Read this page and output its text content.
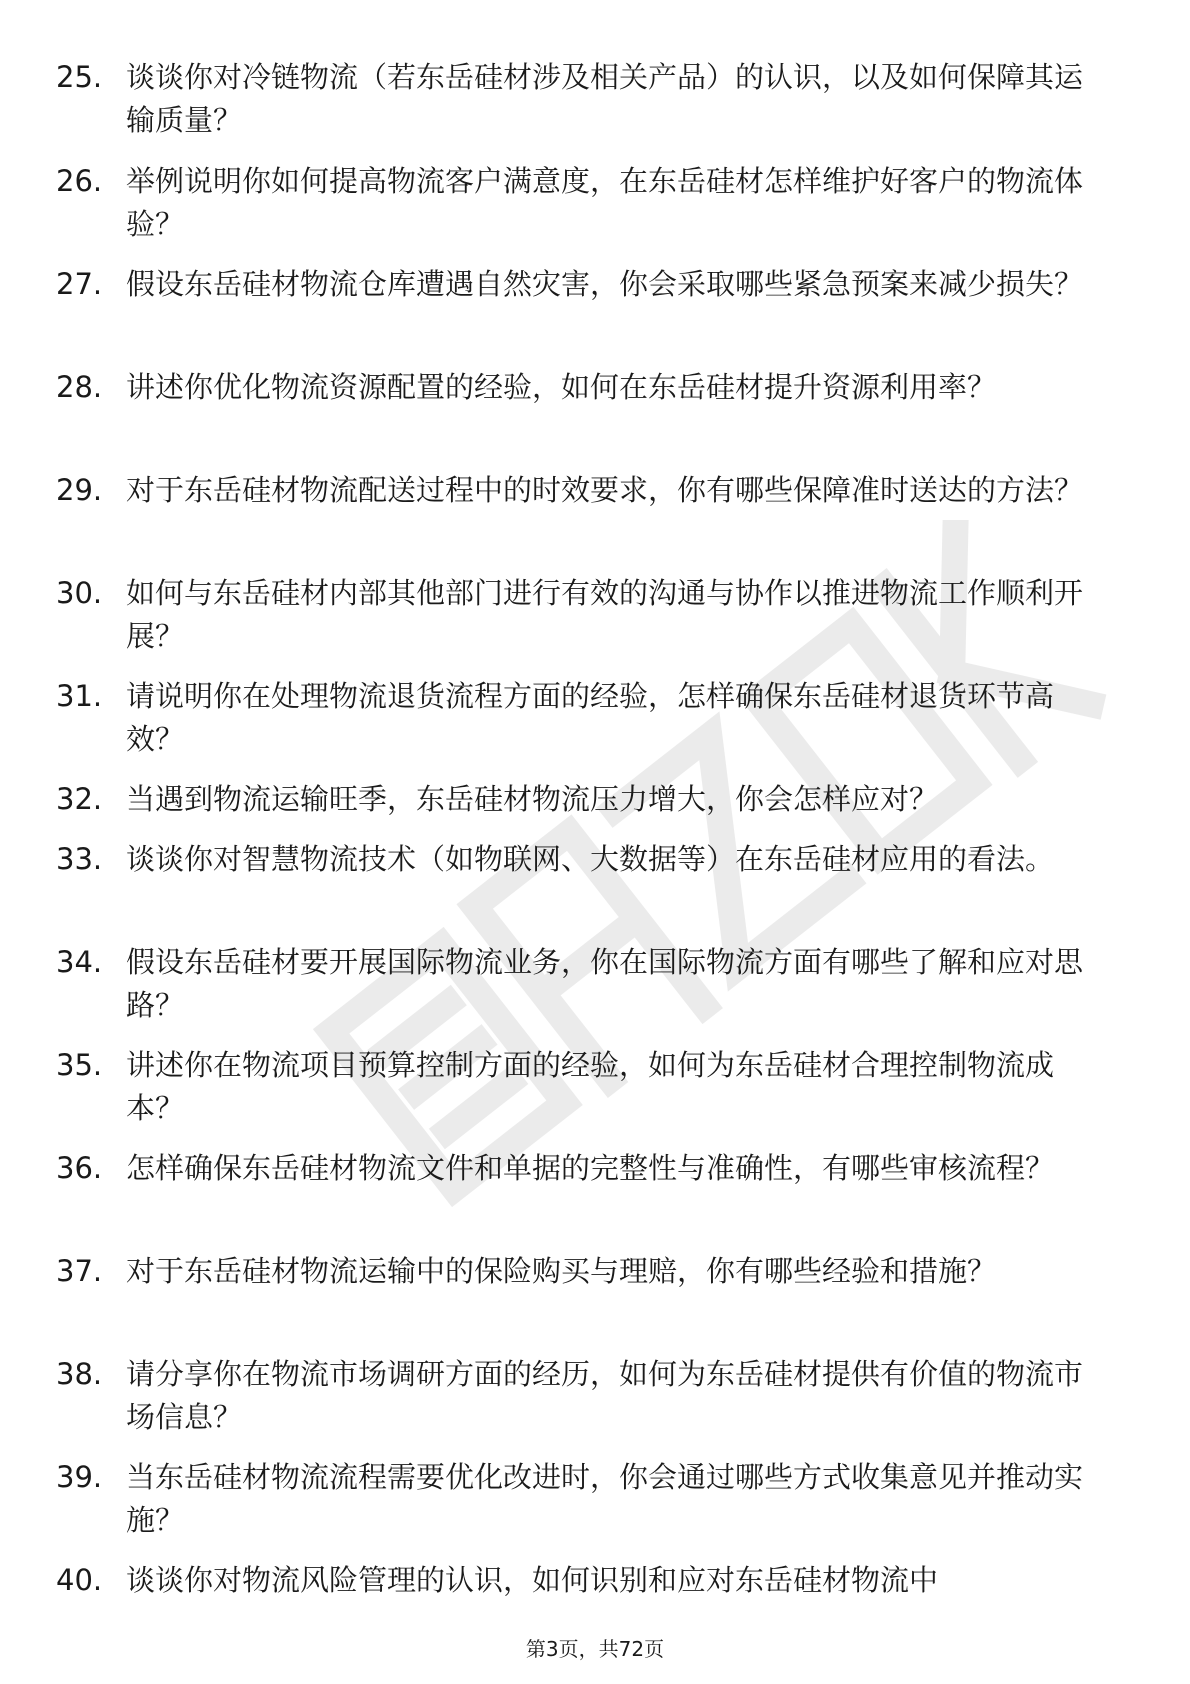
25. 谈谈你对冷链物流（若东岳硅材涉及相关产品）的认识，以及如何保障其运输质量？
26. 举例说明你如何提高物流客户满意度，在东岳硅材怎样维护好客户的物流体验？
27. 假设东岳硅材物流仓库遭遇自然灾害，你会采取哪些紧急预案来减少损失？
28. 讲述你优化物流资源配置的经验，如何在东岳硅材提升资源利用率？
29. 对于东岳硅材物流配送过程中的时效要求，你有哪些保障准时送达的方法？
30. 如何与东岳硅材内部其他部门进行有效的沟通与协作以推进物流工作顺利开展？
31. 请说明你在处理物流退货流程方面的经验，怎样确保东岳硅材退货环节高效？
32. 当遇到物流运输旺季，东岳硅材物流压力增大，你会怎样应对？
33. 谈谈你对智慧物流技术（如物联网、大数据等）在东岳硅材应用的看法。
34. 假设东岳硅材要开展国际物流业务，你在国际物流方面有哪些了解和应对思路？
35. 讲述你在物流项目预算控制方面的经验，如何为东岳硅材合理控制物流成本？
36. 怎样确保东岳硅材物流文件和单据的完整性与准确性，有哪些审核流程？
37. 对于东岳硅材物流运输中的保险购买与理赔，你有哪些经验和措施？
38. 请分享你在物流市场调研方面的经历，如何为东岳硅材提供有价值的物流市场信息？
39. 当东岳硅材物流流程需要优化改进时，你会通过哪些方式收集意见并推动实施？
40. 谈谈你对物流风险管理的认识，如何识别和应对东岳硅材物流中
第3页，共72页
